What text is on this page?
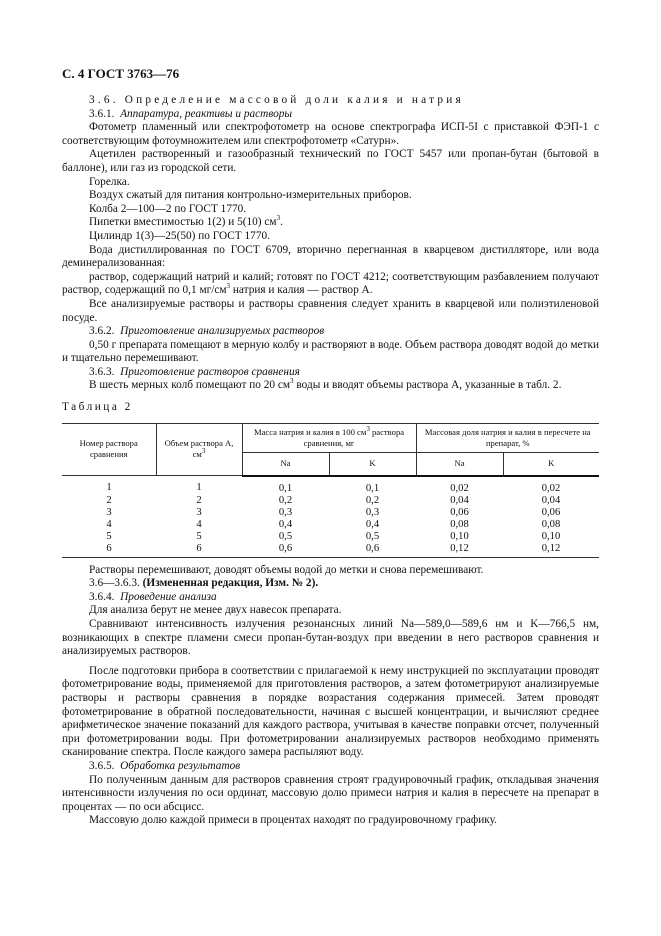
С. 4 ГОСТ 3763—76

3.6. Определение массовой доли калия и натрия

3.6.1. Аппаратура, реактивы и растворы

Фотометр пламенный или спектрофотометр на основе спектрографа ИСП-5I с приставкой ФЭП-1 с соответствующим фотоумножителем или спектрофотометр «Сатурн».

Ацетилен растворенный и газообразный технический по ГОСТ 5457 или пропан-бутан (бытовой в баллоне), или газ из городской сети.

Горелка.

Воздух сжатый для питания контрольно-измерительных приборов.

Колба 2—100—2 по ГОСТ 1770.

Пипетки вместимостью 1(2) и 5(10) $см^3$.

Цилиндр 1(3)—25(50) по ГОСТ 1770.

Вода дистиллированная по ГОСТ 6709, вторично перегнанная в кварцевом дистилляторе, или вода деминерализованная:

раствор, содержащий натрий и калий; готовят по ГОСТ 4212; соответствующим разбавлением получают раствор, содержащий по 0,1 $мг/см^3$ натрия и калия — раствор А.

Все анализируемые растворы и растворы сравнения следует хранить в кварцевой или полиэтиленовой посуде.

3.6.2. Приготовление анализируемых растворов

0,50 г препарата помещают в мерную колбу и растворяют в воде. Объем раствора доводят водой до метки и тщательно перемешивают.

3.6.3. Приготовление растворов сравнения

В шесть мерных колб помещают по 20 $см^3$ воды и вводят объемы раствора А, указанные в табл. 2.

Таблица 2

Номер раствора сравнения	Объем раствора А, $см^3$	Масса натрия и калия в 100 $см^3$ раствора сравнения, мг		Массовая доля натрия и калия в пересчете на препарат, %	
		Na	K	Na	K
1	1	0,1	0,1	0,02	0,02
2	2	0,2	0,2	0,04	0,04
3	3	0,3	0,3	0,06	0,06
4	4	0,4	0,4	0,08	0,08
5	5	0,5	0,5	0,10	0,10
6	6	0,6	0,6	0,12	0,12

Растворы перемешивают, доводят объемы водой до метки и снова перемешивают.

3.6—3.6.3. (Измененная редакция, Изм. № 2).

3.6.4. Проведение анализа

Для анализа берут не менее двух навесок препарата.

Сравнивают интенсивность излучения резонансных линий Na—589,0—589,6 нм и K—766,5 нм, возникающих в спектре пламени смеси пропан-бутан-воздух при введении в него растворов сравнения и анализируемых растворов.

После подготовки прибора в соответствии с прилагаемой к нему инструкцией по эксплуатации проводят фотометрирование воды, применяемой для приготовления растворов, а затем фотометрируют анализируемые растворы и растворы сравнения в порядке возрастания содержания примесей. Затем проводят фотометрирование в обратной последовательности, начиная с высшей концентрации, и вычисляют среднее арифметическое значение показаний для каждого раствора, учитывая в качестве поправки отсчет, полученный при фотометрировании воды. При фотометрировании анализируемых растворов необходимо применять сканирование спектра. После каждого замера распыляют воду.

3.6.5. Обработка результатов

По полученным данным для растворов сравнения строят градуировочный график, откладывая значения интенсивности излучения по оси ординат, массовую долю примеси натрия и калия в пересчете на препарат в процентах — по оси абсцисс.

Массовую долю каждой примеси в процентах находят по градуировочному графику.
